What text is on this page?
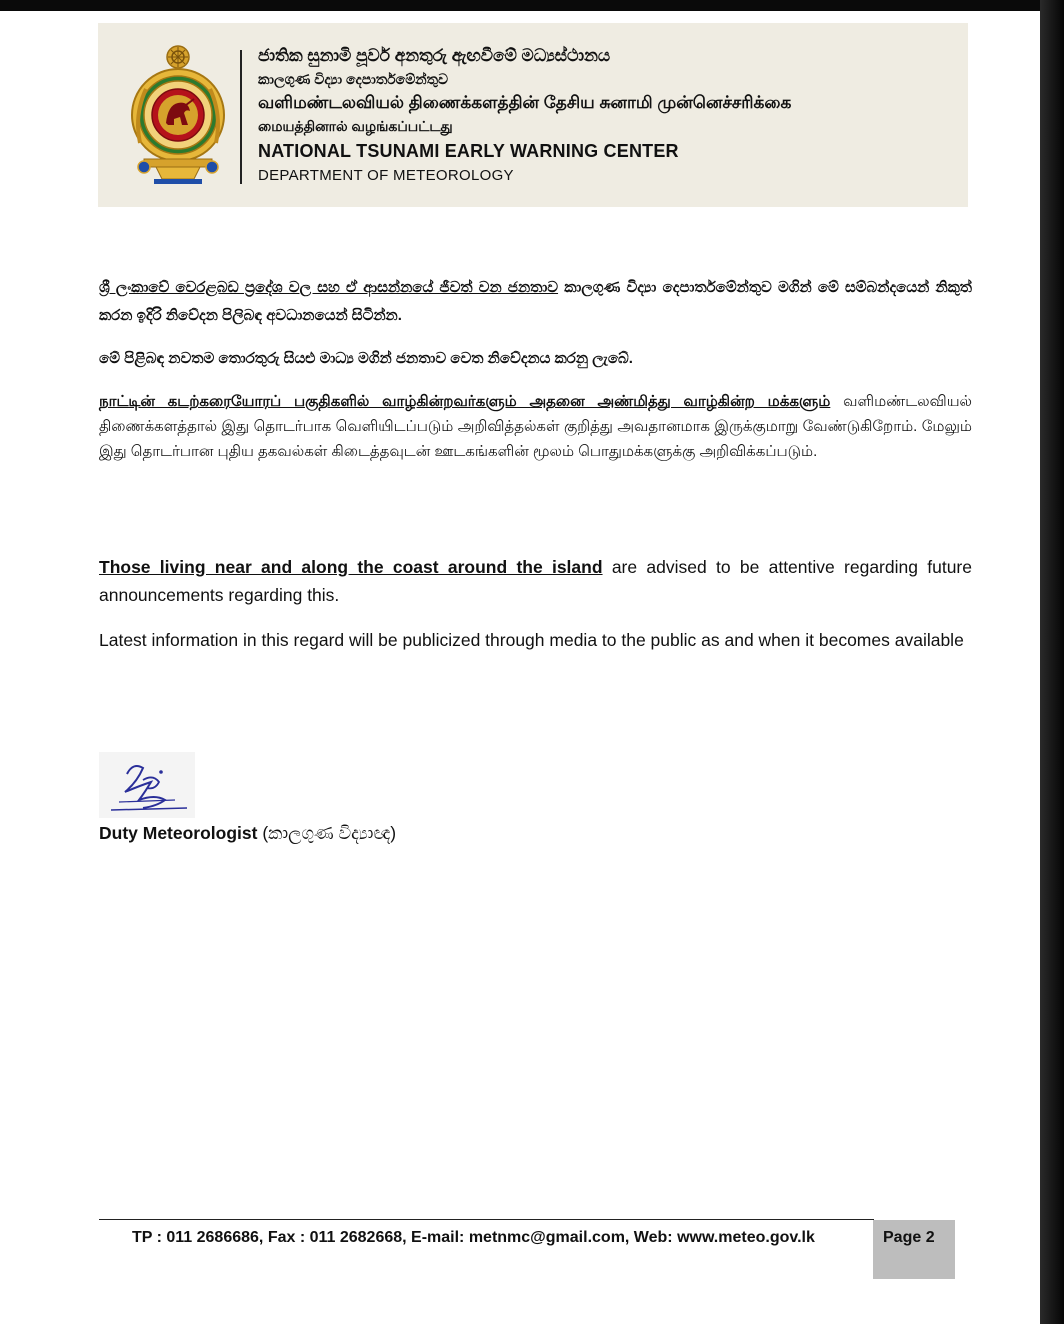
ජාතික සුනාමි පූර්ව අනතුරු ඇඟවීමේ මධ්‍යස්ථානය
කාලගුණ විද්‍යා දෙපාර්තමේන්තුව
வளிமண்டலவியல் திணைக்களத்தின் தேசிய சுனாமி முன்னெச்சரிக்கை
மையத்தினால் வழங்கப்பட்டது
NATIONAL TSUNAMI EARLY WARNING CENTER
DEPARTMENT OF METEOROLOGY
ශ්‍රී ලංකාවේ වෙරළබඩ ප්‍රදේශ වල සහ ඒ ආසන්නයේ ජීවත් වන ජනතාව කාලගුණ විද්‍යා දෙපාර්තමේන්තුව මගින් මේ සම්බන්දයෙන් නිකුත් කරන ඉදිරි නිවේදන පිලිබඳ අවධානයෙන් සිටින්න.
මේ පිළිබඳ නවතම තොරතුරු සියළු මාධ්‍ය මගින් ජනතාව වෙත නිවේදනය කරනු ලැබේ.
நாட்டின் கடற்கரையோரப் பகுதிகளில் வாழ்கின்றவர்களும் அதனை அண்மித்து வாழ்கின்ற மக்களும் வளிமண்டலவியல் திணைக்களத்தால் இது தொடர்பாக வெளியிடப்படும் அறிவித்தல்கள் குறித்து அவதானமாக இருக்குமாறு வேண்டுகிறோம். மேலும் இது தொடர்பான புதிய தகவல்கள் கிடைத்தவுடன் ஊடகங்களின் மூலம் பொதுமக்களுக்கு அறிவிக்கப்படும்.
Those living near and along the coast around the island are advised to be attentive regarding future announcements regarding this.
Latest information in this regard will be publicized through media to the public as and when it becomes available
Duty Meteorologist (කාලගුණ විද්‍යාඥ)
TP : 011 2686686, Fax : 011 2682668, E-mail: metnmc@gmail.com, Web: www.meteo.gov.lk	Page 2
